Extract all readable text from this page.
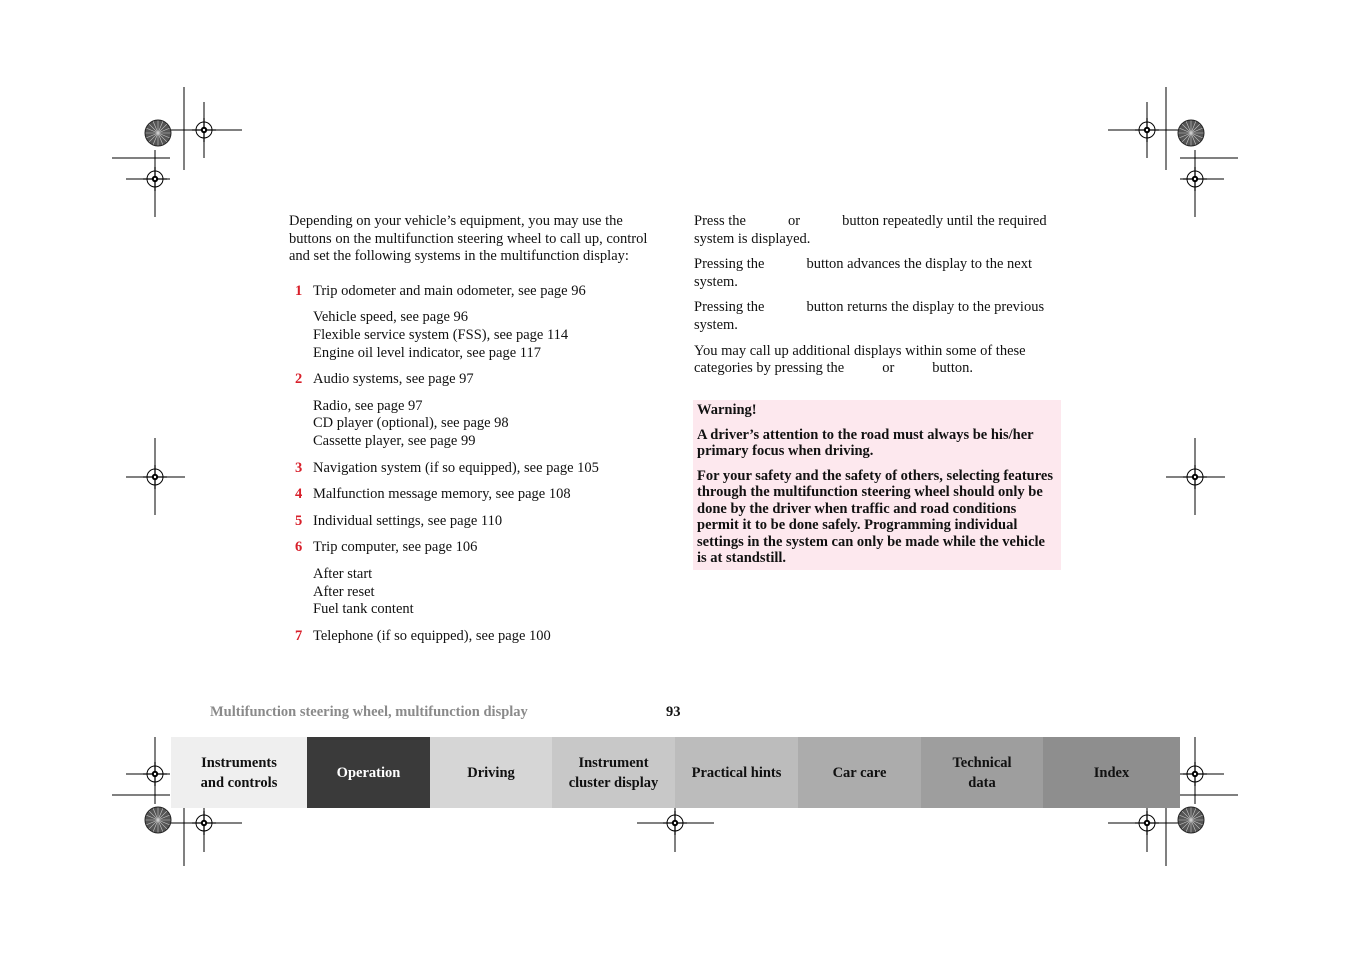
Depending on your vehicle’s equipment, you may use the buttons on the multifunction steering wheel to call up, control and set the following systems in the multifunction display:

1 Trip odometer and main odometer, see page 96
Vehicle speed, see page 96
Flexible service system (FSS), see page 114
Engine oil level indicator, see page 117
2 Audio systems, see page 97
Radio, see page 97
CD player (optional), see page 98
Cassette player, see page 99
3 Navigation system (if so equipped), see page 105
4 Malfunction message memory, see page 108
5 Individual settings, see page 110
6 Trip computer, see page 106
After start
After reset
Fuel tank content
7 Telephone (if so equipped), see page 100

Press the	or	button repeatedly until the required system is displayed.

Pressing the	button advances the display to the next system.

Pressing the	button returns the display to the previous system.

You may call up additional displays within some of these categories by pressing the	or	button.

Warning!

A driver’s attention to the road must always be his/her primary focus when driving.

For your safety and the safety of others, selecting features through the multifunction steering wheel should only be done by the driver when traffic and road conditions permit it to be done safely. Programming individual settings in the system can only be made while the vehicle is at standstill.

Multifunction steering wheel, multifunction display	93
Instruments
and controls
Operation	Driving
Instrument
cluster display
Practical hints	Car care
Technical
data
Index
